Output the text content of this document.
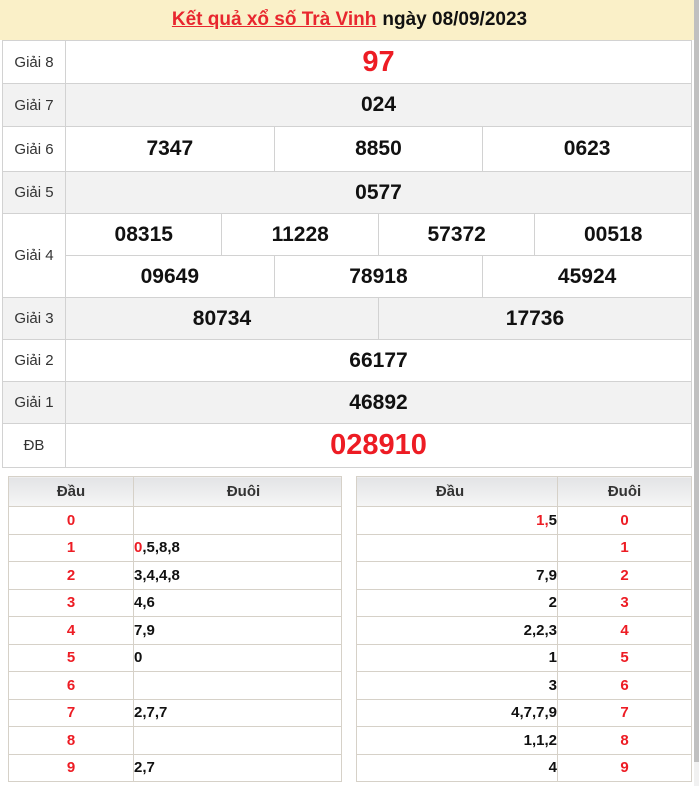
Kết quả xổ số Trà Vinh ngày 08/09/2023
Giải 8	97					
Giải 7	024					
Giải 6	7347		8850		0623	
Giải 5	0577					
Giải 4	08315	11228		57372		00518
	09649		78918		45924	
Giải 3	80734			17736		
Giải 2	66177					
Giải 1	46892					
ĐB	028910					
Đầu	Đuôi
0	
1	0,5,8,8
2	3,4,4,8
3	4,6
4	7,9
5	0
6	
7	2,7,7
8	
9	2,7
Đầu	Đuôi
1,5	0
	1
7,9	2
2	3
2,2,3	4
1	5
3	6
4,7,7,9	7
1,1,2	8
4	9
